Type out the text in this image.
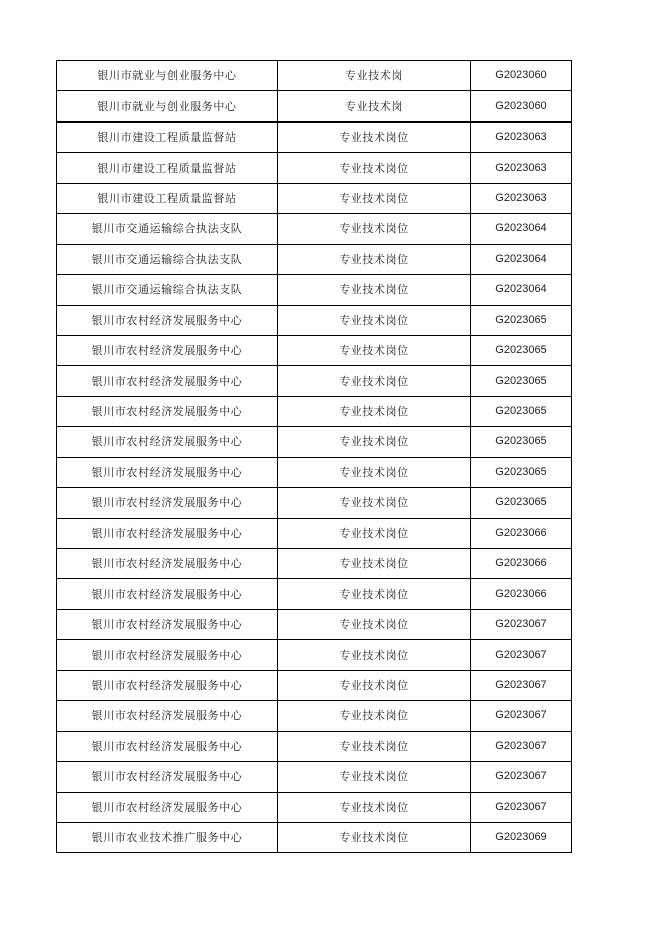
银川市就业与创业服务中心	专业技术岗	G2023060
银川市就业与创业服务中心	专业技术岗	G2023060
银川市建设工程质量监督站	专业技术岗位	G2023063
银川市建设工程质量监督站	专业技术岗位	G2023063
银川市建设工程质量监督站	专业技术岗位	G2023063
银川市交通运输综合执法支队	专业技术岗位	G2023064
银川市交通运输综合执法支队	专业技术岗位	G2023064
银川市交通运输综合执法支队	专业技术岗位	G2023064
银川市农村经济发展服务中心	专业技术岗位	G2023065
银川市农村经济发展服务中心	专业技术岗位	G2023065
银川市农村经济发展服务中心	专业技术岗位	G2023065
银川市农村经济发展服务中心	专业技术岗位	G2023065
银川市农村经济发展服务中心	专业技术岗位	G2023065
银川市农村经济发展服务中心	专业技术岗位	G2023065
银川市农村经济发展服务中心	专业技术岗位	G2023065
银川市农村经济发展服务中心	专业技术岗位	G2023066
银川市农村经济发展服务中心	专业技术岗位	G2023066
银川市农村经济发展服务中心	专业技术岗位	G2023066
银川市农村经济发展服务中心	专业技术岗位	G2023067
银川市农村经济发展服务中心	专业技术岗位	G2023067
银川市农村经济发展服务中心	专业技术岗位	G2023067
银川市农村经济发展服务中心	专业技术岗位	G2023067
银川市农村经济发展服务中心	专业技术岗位	G2023067
银川市农村经济发展服务中心	专业技术岗位	G2023067
银川市农村经济发展服务中心	专业技术岗位	G2023067
银川市农业技术推广服务中心	专业技术岗位	G2023069
